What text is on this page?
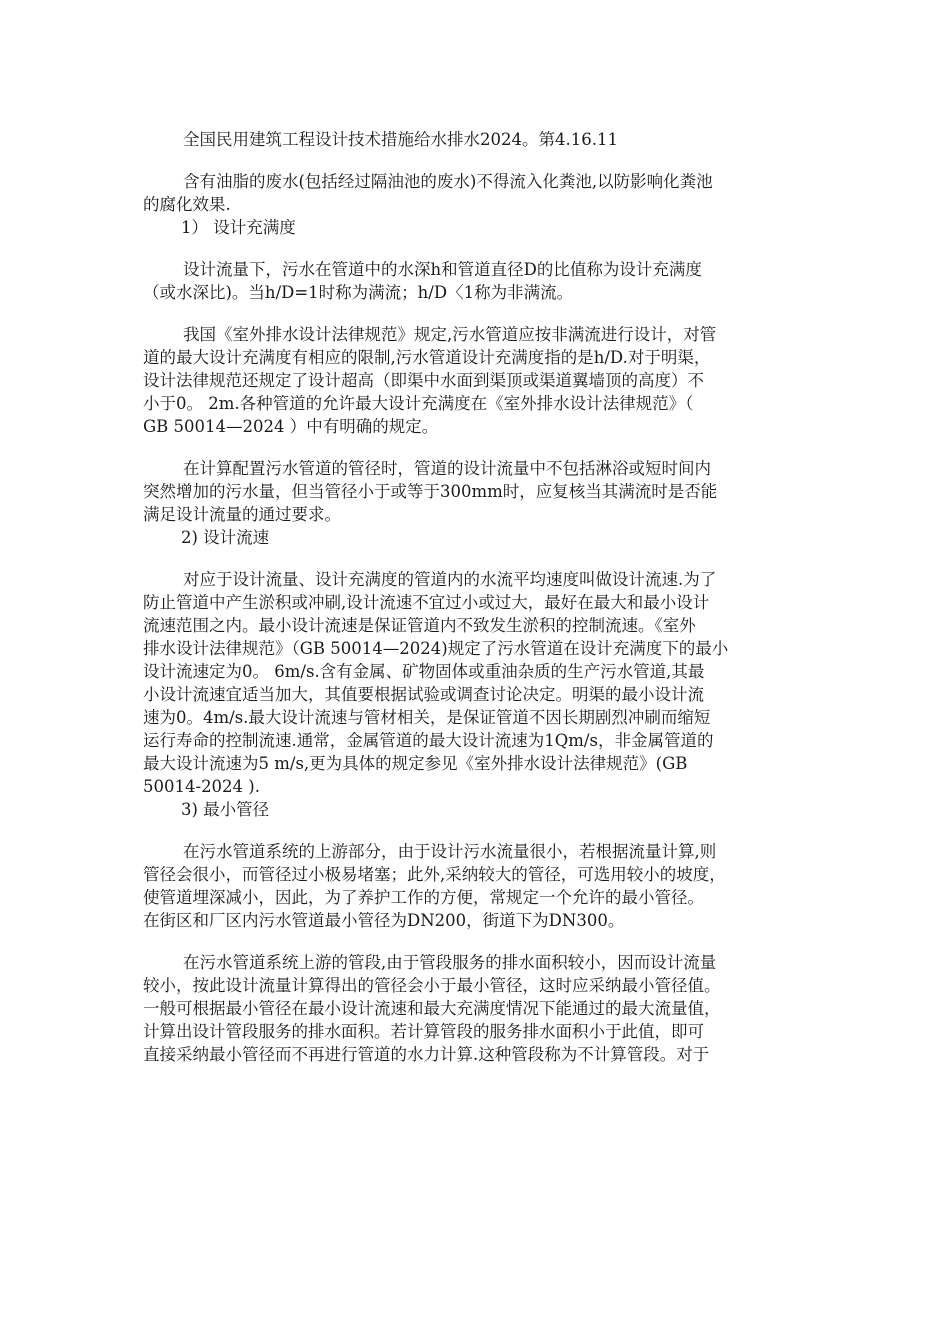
全国民用建筑工程设计技术措施给水排水2024。第4.16.11

含有油脂的废水(包括经过隔油池的废水)不得流入化粪池,以防影响化粪池
的腐化效果.

1） 设计充满度

设计流量下，污水在管道中的水深h和管道直径D的比值称为设计充满度
（或水深比)。当h/D=1时称为满流；h/D〈1称为非满流。

我国《室外排水设计法律规范》规定,污水管道应按非满流进行设计，对管
道的最大设计充满度有相应的限制,污水管道设计充满度指的是h/D.对于明渠，
设计法律规范还规定了设计超高（即渠中水面到渠顶或渠道翼墙顶的高度）不
小于0。 2m.各种管道的允许最大设计充满度在《室外排水设计法律规范》（
GB 50014—2024 ）中有明确的规定。

在计算配置污水管道的管径时，管道的设计流量中不包括淋浴或短时间内
突然增加的污水量，但当管径小于或等于300mm时，应复核当其满流时是否能
满足设计流量的通过要求。

2) 设计流速

对应于设计流量、设计充满度的管道内的水流平均速度叫做设计流速.为了
防止管道中产生淤积或冲刷,设计流速不宜过小或过大，最好在最大和最小设计
流速范围之内。最小设计流速是保证管道内不致发生淤积的控制流速。《室外
排水设计法律规范》（GB 50014—2024)规定了污水管道在设计充满度下的最小
设计流速定为0。 6m/s.含有金属、矿物固体或重油杂质的生产污水管道,其最
小设计流速宜适当加大，其值要根据试验或调查讨论决定。明渠的最小设计流
速为0。4m/s.最大设计流速与管材相关，是保证管道不因长期剧烈冲刷而缩短
运行寿命的控制流速.通常，金属管道的最大设计流速为1Qm/s，非金属管道的
最大设计流速为5 m/s,更为具体的规定参见《室外排水设计法律规范》(GB
50014-2024 ).

3) 最小管径

在污水管道系统的上游部分，由于设计污水流量很小，若根据流量计算,则
管径会很小，而管径过小极易堵塞；此外,采纳较大的管径，可选用较小的坡度，
使管道埋深减小，因此，为了养护工作的方便，常规定一个允许的最小管径。
在街区和厂区内污水管道最小管径为DN200，街道下为DN300。

在污水管道系统上游的管段,由于管段服务的排水面积较小，因而设计流量
较小，按此设计流量计算得出的管径会小于最小管径，这时应采纳最小管径值。
一般可根据最小管径在最小设计流速和最大充满度情况下能通过的最大流量值，
计算出设计管段服务的排水面积。若计算管段的服务排水面积小于此值，即可
直接采纳最小管径而不再进行管道的水力计算.这种管段称为不计算管段。对于
